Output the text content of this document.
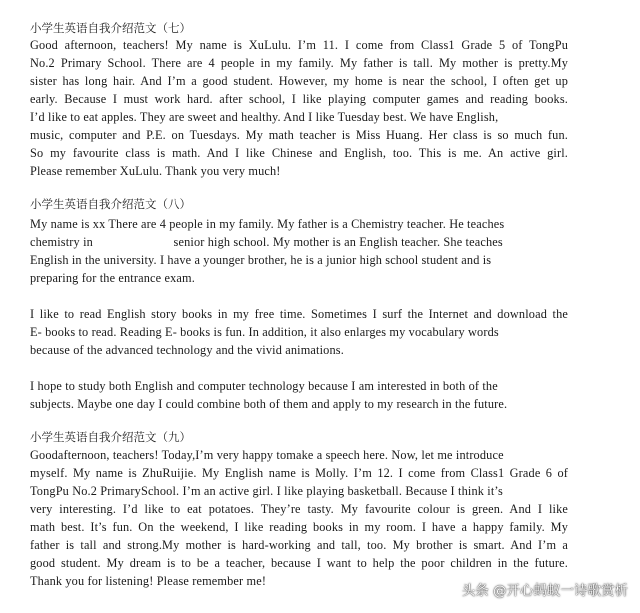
小学生英语自我介绍范文（七）
Good afternoon, teachers! My name is XuLulu. I’m 11. I come from Class1 Grade 5 of TongPu
No.2 Primary School. There are 4 people in my family. My father is tall. My mother is pretty.My
sister has long hair. And I’m a good student. However, my home is near the school, I often get up
early. Because I must work hard. after school, I like playing computer games and reading books.
I’d like to eat apples. They are sweet and healthy. And I like Tuesday best. We have English,
music, computer and P.E. on Tuesdays. My math teacher is Miss Huang. Her class is so much fun.
So my favourite class is math. And I like Chinese and English, too. This is me. An active girl.
Please remember XuLulu. Thank you very much!
小学生英语自我介绍范文（八）
My name is xx There are 4 people in my family. My father is a Chemistry teacher. He teaches
chemistry in                         senior high school. My mother is an English teacher. She teaches
English in the university. I have a younger brother, he is a junior high school student and is
preparing for the entrance exam.
I like to read English story books in my free time. Sometimes I surf the Internet and download the
E- books to read. Reading E- books is fun. In addition, it also enlarges my vocabulary words
because of the advanced technology and the vivid animations.
I hope to study both English and computer technology because I am interested in both of the
subjects. Maybe one day I could combine both of them and apply to my research in the future.
小学生英语自我介绍范文（九）
Goodafternoon, teachers! Today,I’m very happy tomake a speech here. Now, let me introduce
myself. My name is ZhuRuijie. My English name is Molly. I’m 12. I come from Class1 Grade 6 of
TongPu No.2 PrimarySchool. I’m an active girl. I like playing basketball. Because I think it’s
very interesting. I’d like to eat potatoes. They’re tasty. My favourite colour is green. And I like
math best. It’s fun. On the weekend, I like reading books in my room. I have a happy family. My
father is tall and strong.My mother is hard-working and tall, too. My brother is smart. And I’m a
good student. My dream is to be a teacher, because I want to help the poor children in the future.
Thank you for listening! Please remember me!
头条 @开心蚂蚁一诗歌赏析
